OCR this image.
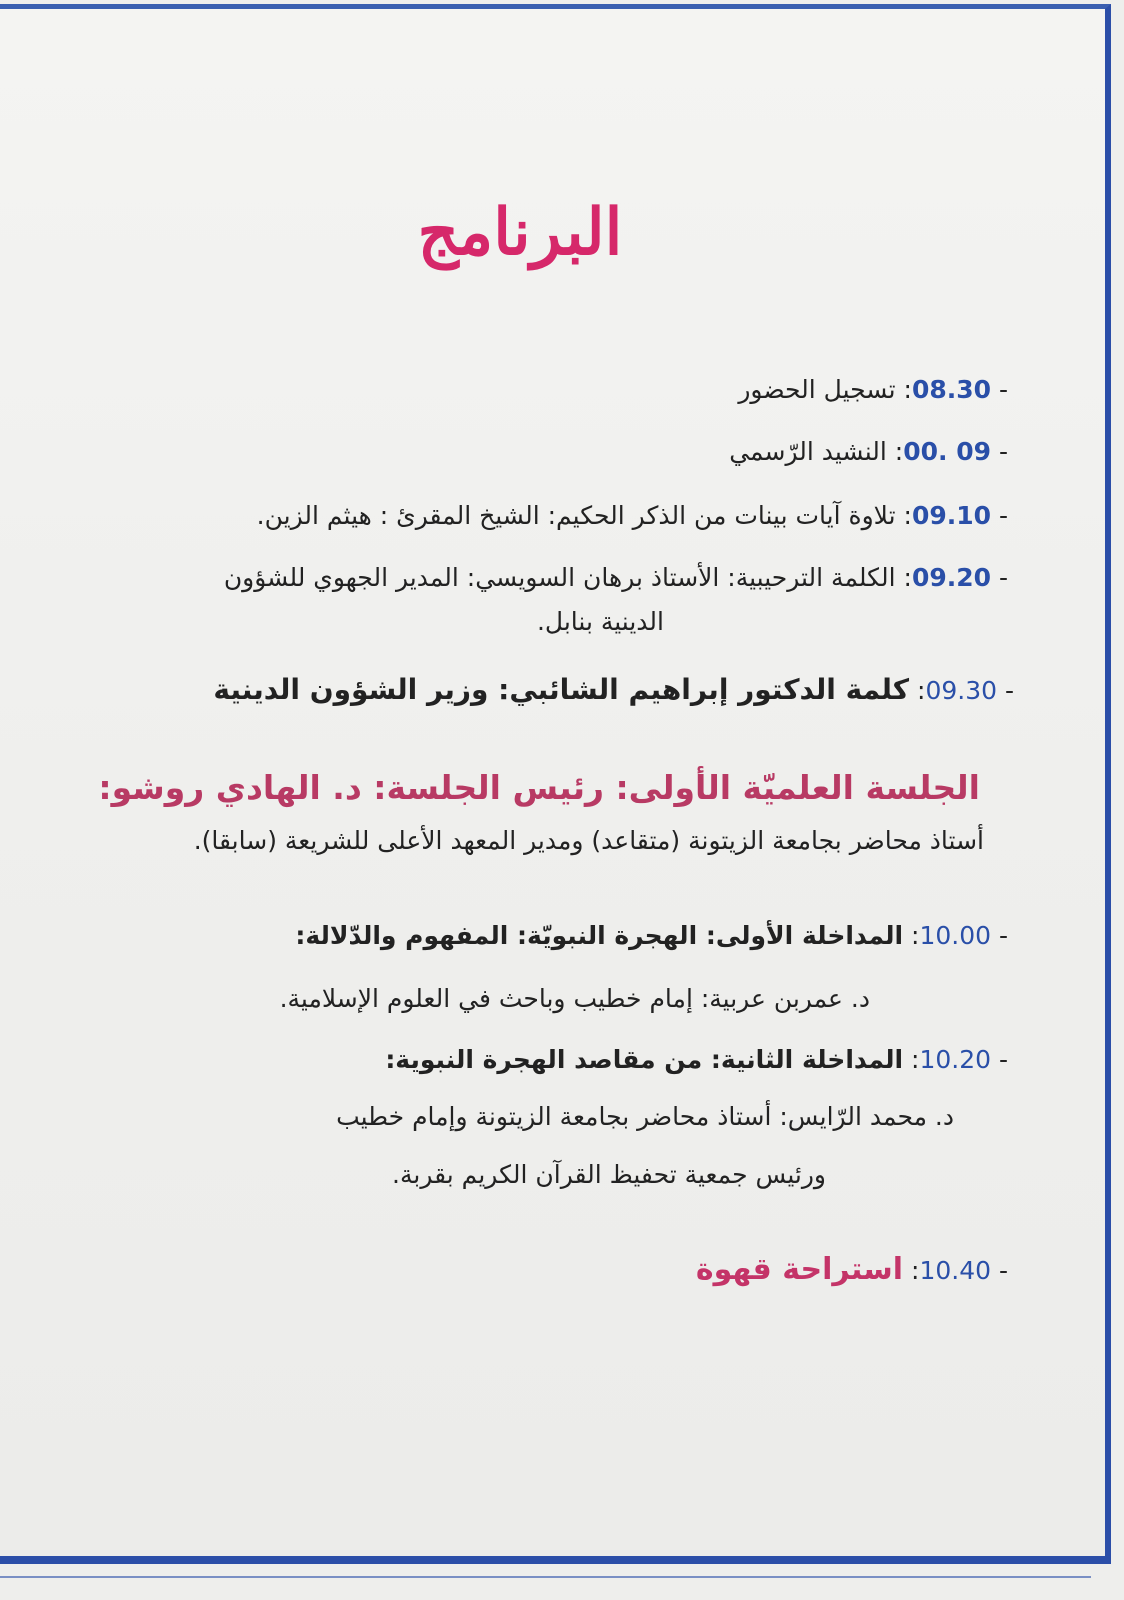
البرنامج
- 08.30: تسجيل الحضور
- 09 .00: النشيد الرّسمي
- 09.10: تلاوة آيات بينات من الذكر الحكيم: الشيخ المقرئ : هيثم الزين.
- 09.20: الكلمة الترحيبية: الأستاذ برهان السويسي: المدير الجهوي للشؤون
الدينية بنابل.
- 09.30: كلمة الدكتور إبراهيم الشائبي: وزير الشؤون الدينية
الجلسة العلميّة الأولى: رئيس الجلسة: د. الهادي روشو:
أستاذ محاضر بجامعة الزيتونة (متقاعد) ومدير المعهد الأعلى للشريعة (سابقا).
- 10.00: المداخلة الأولى: الهجرة النبويّة: المفهوم والدّلالة:
د. عمربن عربية: إمام خطيب وباحث في العلوم الإسلامية.
- 10.20: المداخلة الثانية: من مقاصد الهجرة النبوية:
د. محمد الرّايس: أستاذ محاضر بجامعة الزيتونة وإمام خطيب
ورئيس جمعية تحفيظ القرآن الكريم بقربة.
- 10.40: استراحة قهوة
